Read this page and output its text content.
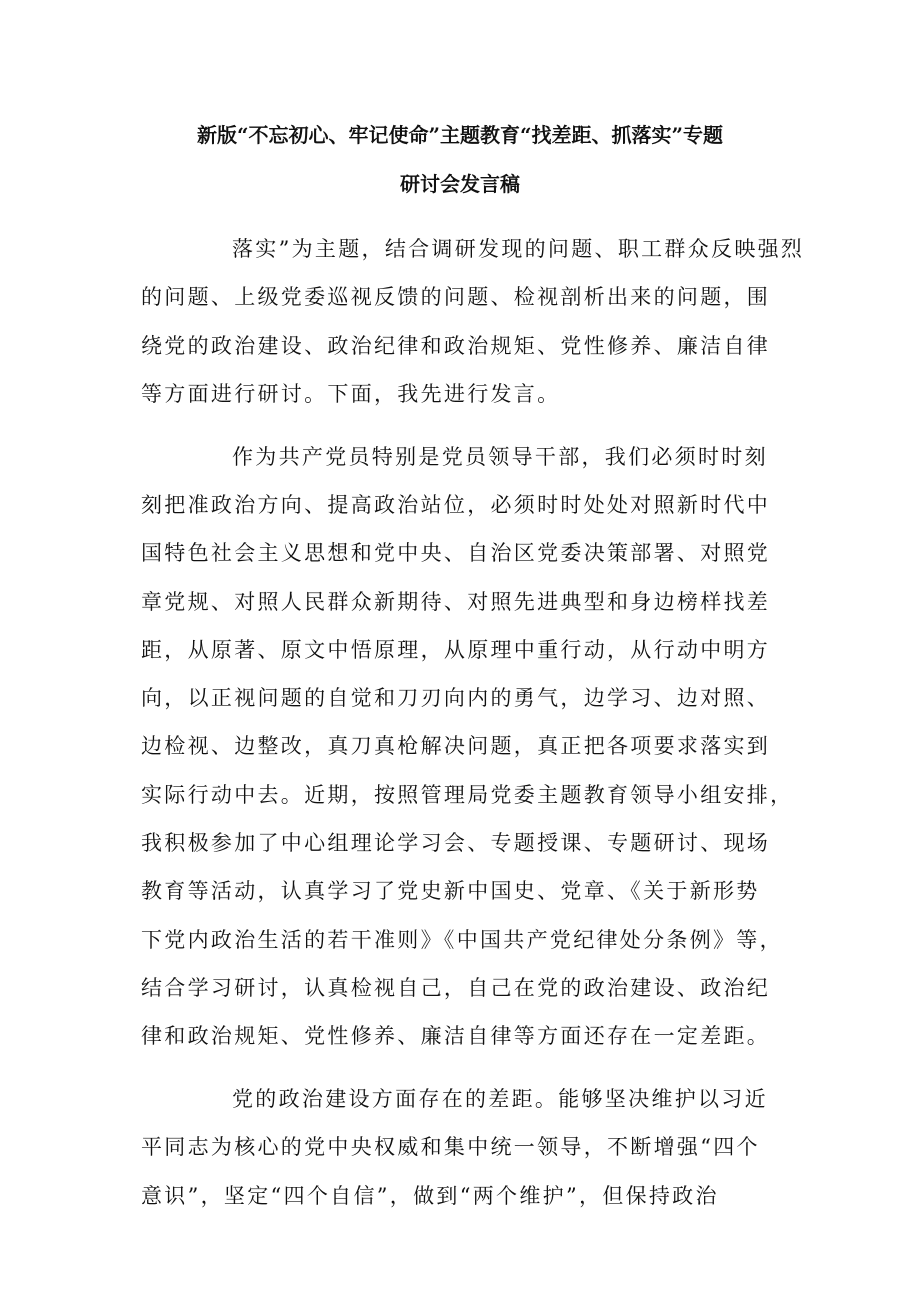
新版“不忘初心、牢记使命”主题教育“找差距、抓落实”专题
研讨会发言稿

落实”为主题，结合调研发现的问题、职工群众反映强烈
的问题、上级党委巡视反馈的问题、检视剖析出来的问题，围
绕党的政治建设、政治纪律和政治规矩、党性修养、廉洁自律
等方面进行研讨。下面，我先进行发言。

作为共产党员特别是党员领导干部，我们必须时时刻
刻把准政治方向、提高政治站位，必须时时处处对照新时代中
国特色社会主义思想和党中央、自治区党委决策部署、对照党
章党规、对照人民群众新期待、对照先进典型和身边榜样找差
距，从原著、原文中悟原理，从原理中重行动，从行动中明方
向，以正视问题的自觉和刀刃向内的勇气，边学习、边对照、
边检视、边整改，真刀真枪解决问题，真正把各项要求落实到
实际行动中去。近期，按照管理局党委主题教育领导小组安排，
我积极参加了中心组理论学习会、专题授课、专题研讨、现场
教育等活动，认真学习了党史新中国史、党章、《关于新形势
下党内政治生活的若干准则》《中国共产党纪律处分条例》等，
结合学习研讨，认真检视自己，自己在党的政治建设、政治纪
律和政治规矩、党性修养、廉洁自律等方面还存在一定差距。

党的政治建设方面存在的差距。能够坚决维护以习近
平同志为核心的党中央权威和集中统一领导，不断增强“四个
意识”，坚定“四个自信”，做到“两个维护”，但保持政治
